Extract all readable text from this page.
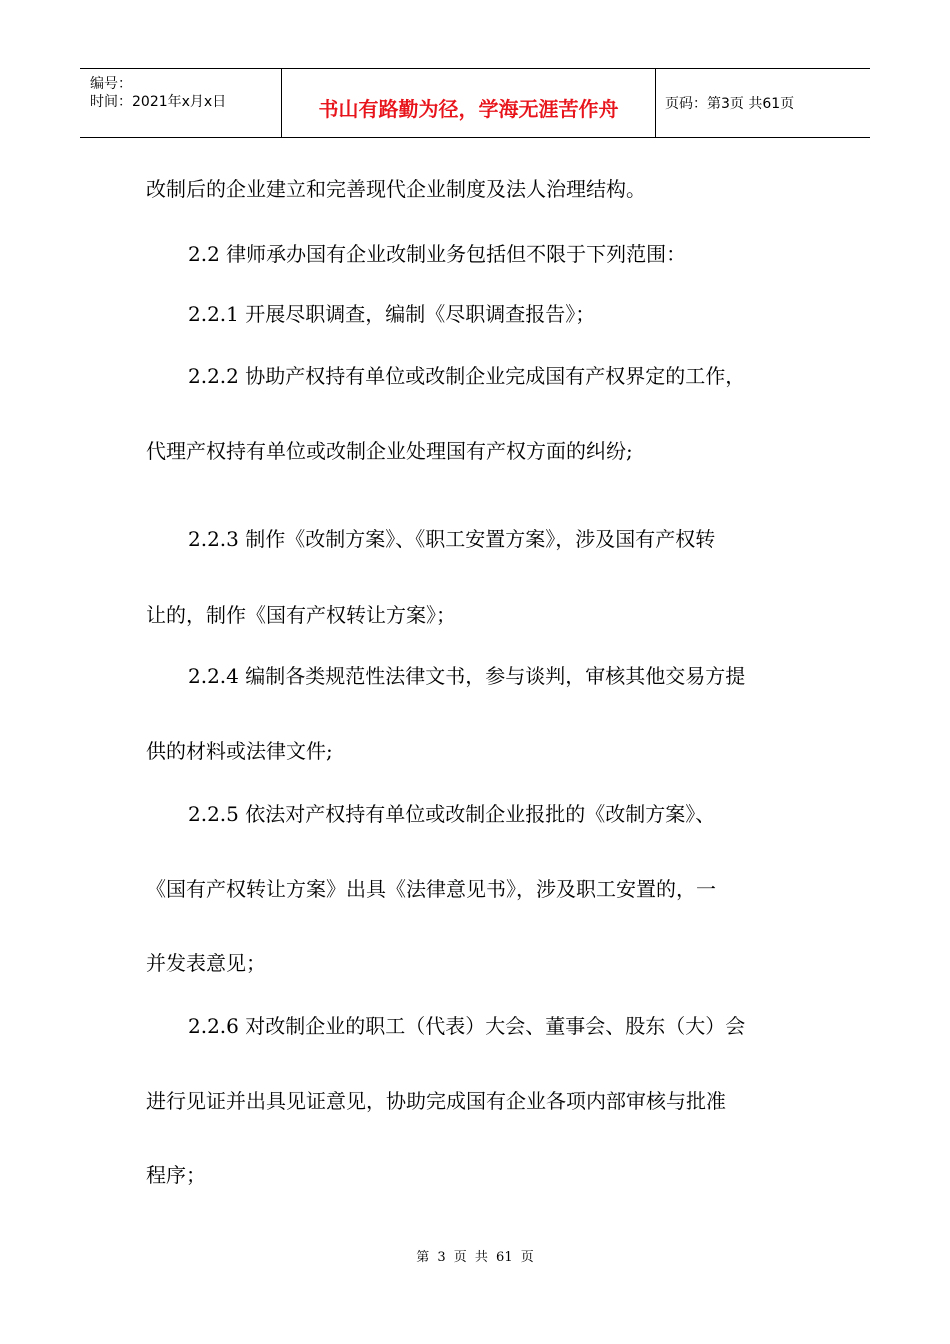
编号：
时间：2021年x月x日	书山有路勤为径，学海无涯苦作舟	页码：第3页 共61页
改制后的企业建立和完善现代企业制度及法人治理结构。
2.2 律师承办国有企业改制业务包括但不限于下列范围：
2.2.1 开展尽职调查，编制《尽职调查报告》；
2.2.2 协助产权持有单位或改制企业完成国有产权界定的工作，
代理产权持有单位或改制企业处理国有产权方面的纠纷;
2.2.3 制作《改制方案》、《职工安置方案》，涉及国有产权转
让的，制作《国有产权转让方案》；
2.2.4 编制各类规范性法律文书，参与谈判，审核其他交易方提
供的材料或法律文件;
2.2.5 依法对产权持有单位或改制企业报批的《改制方案》、
《国有产权转让方案》出具《法律意见书》，涉及职工安置的，一
并发表意见；
2.2.6 对改制企业的职工（代表）大会、董事会、股东（大）会
进行见证并出具见证意见，协助完成国有企业各项内部审核与批准
程序；
第 3 页 共 61 页
